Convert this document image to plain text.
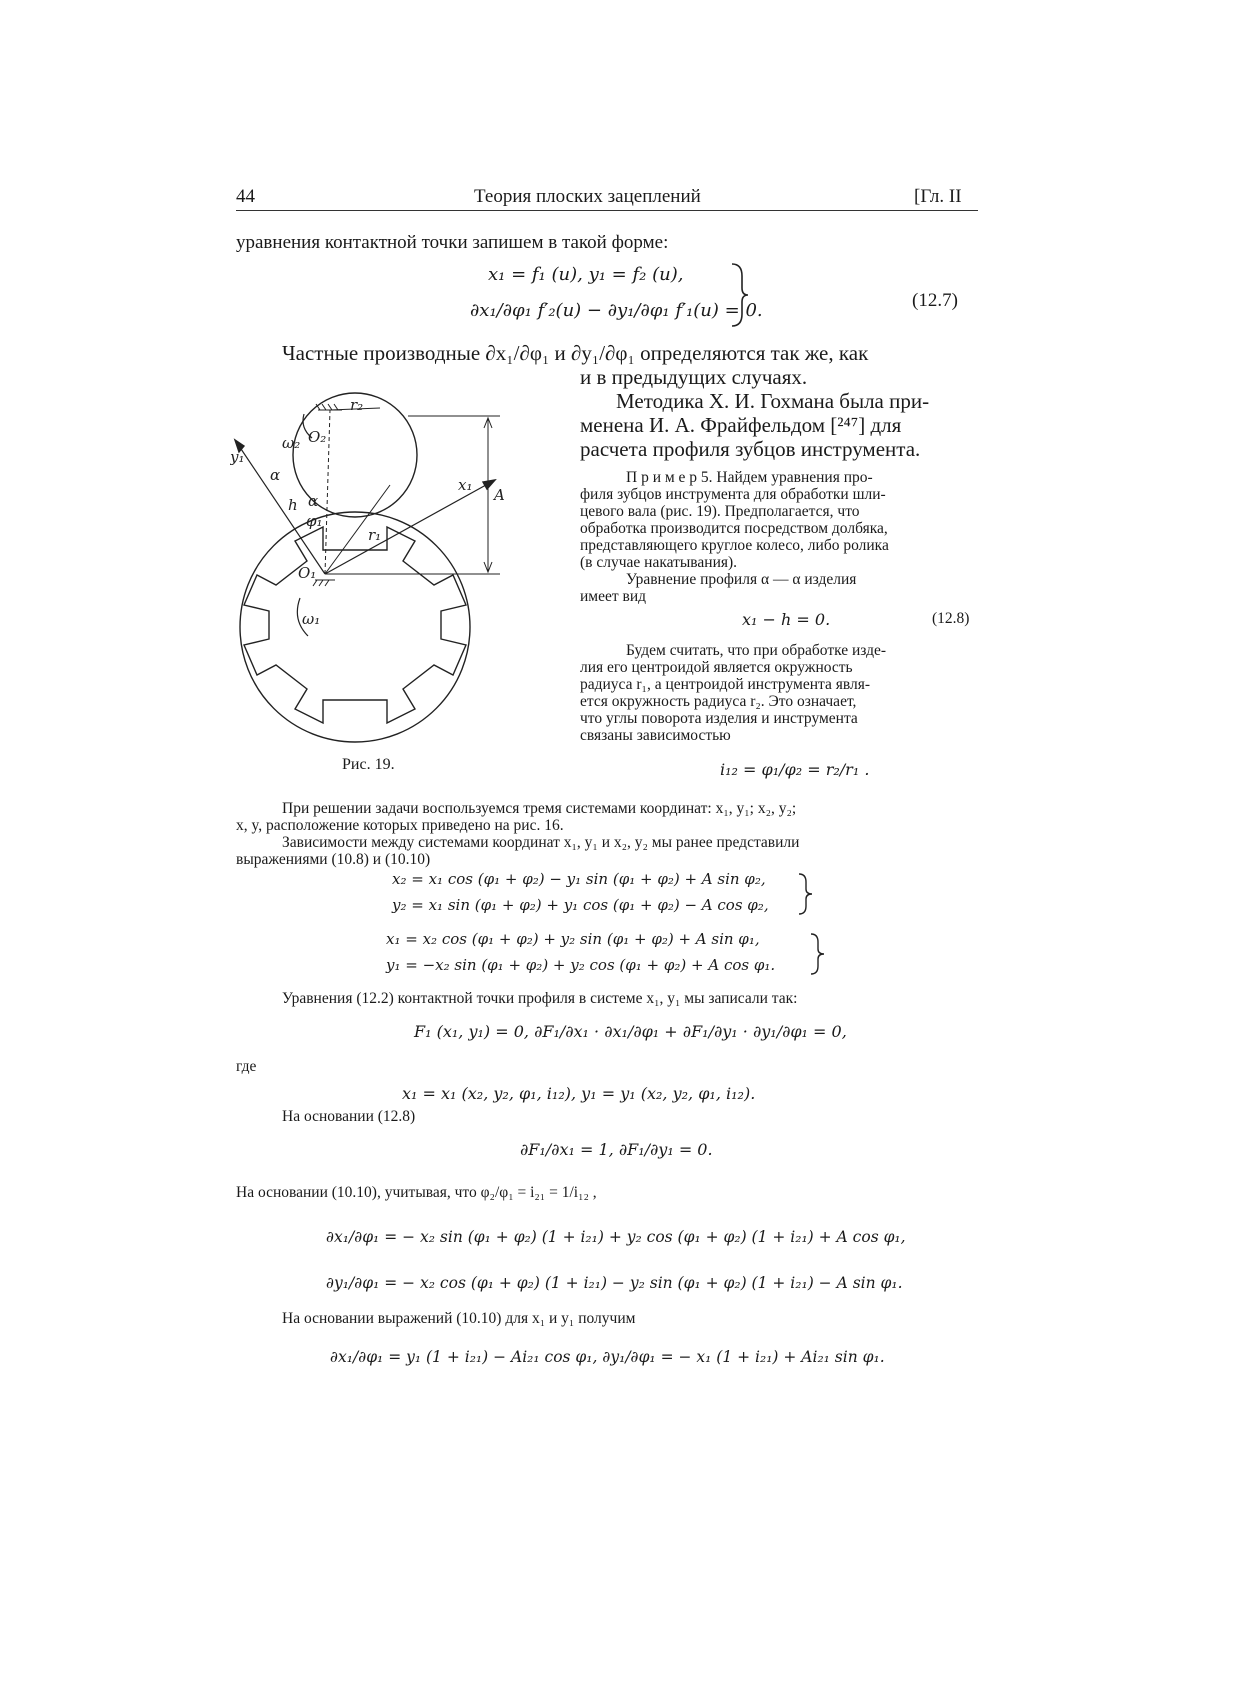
44	Теория плоских зацеплений	[Гл. II
уравнения контактной точки запишем в такой форме:
x₁ = f₁ (u), y₁ = f₂ (u),
∂x₁/∂φ₁ f′₂(u) − ∂y₁/∂φ₁ f′₁(u) = 0.	(12.7)
Частные производные ∂x₁/∂φ₁ и ∂y₁/∂φ₁ определяются так же, как
и в предыдущих случаях.
Методика Х. И. Гохмана была при-
менена И. А. Фрайфельдом [²⁴⁷] для
расчета профиля зубцов инструмента.
П р и м е р 5. Найдем уравнения про-
филя зубцов инструмента для обработки шли-
цевого вала (рис. 19). Предполагается, что
обработка производится посредством долбяка,
представляющего круглое колесо, либо ролика
(в случае накатывания).
Уравнение профиля α — α изделия
имеет вид
x₁ − h = 0.	(12.8)
Будем считать, что при обработке изде-
лия его центроидой является окружность
радиуса r₁, а центроидой инструмента явля-
ется окружность радиуса r₂. Это означает,
что углы поворота изделия и инструмента
связаны зависимостью
i₁₂ = φ₁/φ₂ = r₂/r₁ .
ω₂ O₂
r₂
y₁
x₁
α
α
h
φ₁
r₁
A
O₁
ω₁
Рис. 19.
При решении задачи воспользуемся тремя системами координат: x₁, y₁; x₂, y₂;
x, y, расположение которых приведено на рис. 16.
Зависимости между системами координат x₁, y₁ и x₂, y₂ мы ранее представили
выражениями (10.8) и (10.10)
x₂ = x₁ cos (φ₁ + φ₂) − y₁ sin (φ₁ + φ₂) + A sin φ₂,
y₂ = x₁ sin (φ₁ + φ₂) + y₁ cos (φ₁ + φ₂) − A cos φ₂,
x₁ = x₂ cos (φ₁ + φ₂) + y₂ sin (φ₁ + φ₂) + A sin φ₁,
y₁ = −x₂ sin (φ₁ + φ₂) + y₂ cos (φ₁ + φ₂) + A cos φ₁.
Уравнения (12.2) контактной точки профиля в системе x₁, y₁ мы записали так:
F₁ (x₁, y₁) = 0, ∂F₁/∂x₁ · ∂x₁/∂φ₁ + ∂F₁/∂y₁ · ∂y₁/∂φ₁ = 0,
где
x₁ = x₁ (x₂, y₂, φ₁, i₁₂), y₁ = y₁ (x₂, y₂, φ₁, i₁₂).
На основании (12.8)
∂F₁/∂x₁ = 1, ∂F₁/∂y₁ = 0.
На основании (10.10), учитывая, что φ₂/φ₁ = i₂₁ = 1/i₁₂ ,
∂x₁/∂φ₁ = − x₂ sin (φ₁ + φ₂) (1 + i₂₁) + y₂ cos (φ₁ + φ₂) (1 + i₂₁) + A cos φ₁,
∂y₁/∂φ₁ = − x₂ cos (φ₁ + φ₂) (1 + i₂₁) − y₂ sin (φ₁ + φ₂) (1 + i₂₁) − A sin φ₁.
На основании выражений (10.10) для x₁ и y₁ получим
∂x₁/∂φ₁ = y₁ (1 + i₂₁) − Ai₂₁ cos φ₁, ∂y₁/∂φ₁ = − x₁ (1 + i₂₁) + Ai₂₁ sin φ₁.
